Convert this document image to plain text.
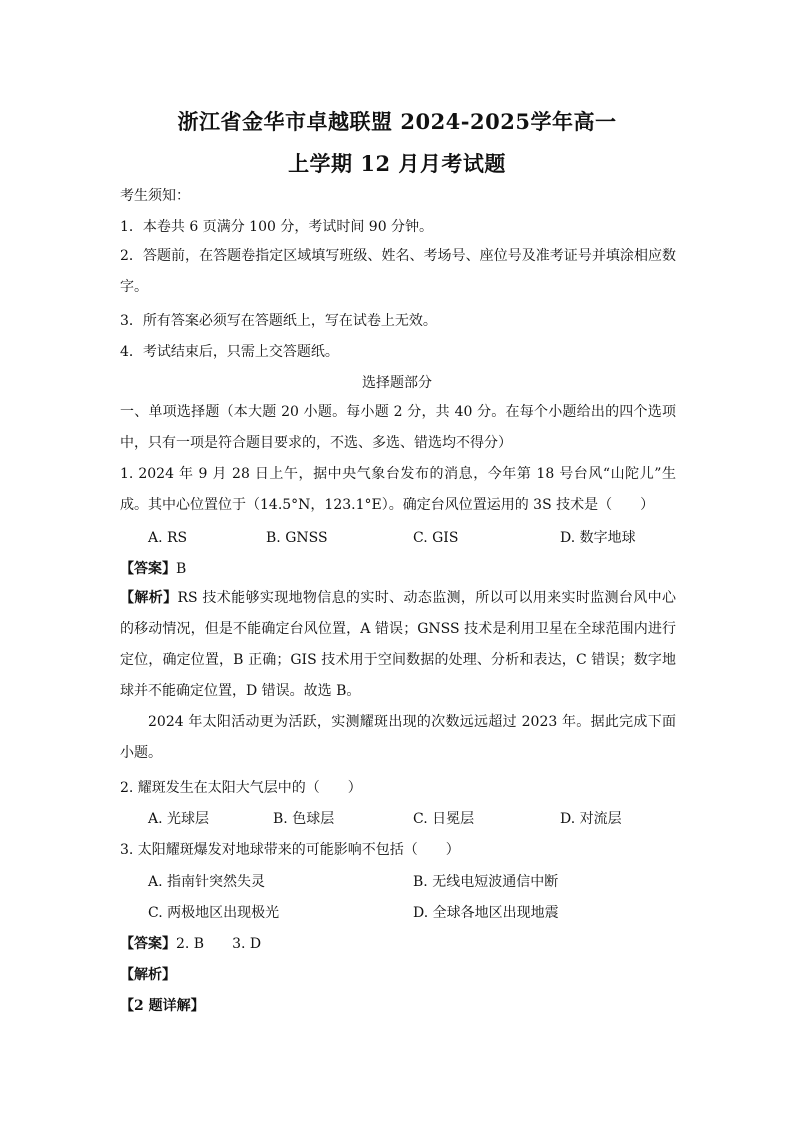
浙江省金华市卓越联盟 2024-2025学年高一
上学期 12 月月考试题
考生须知：
1．本卷共 6 页满分 100 分，考试时间 90 分钟。
2．答题前，在答题卷指定区域填写班级、姓名、考场号、座位号及准考证号并填涂相应数字。
3．所有答案必须写在答题纸上，写在试卷上无效。
4．考试结束后，只需上交答题纸。
选择题部分
一、单项选择题（本大题 20 小题。每小题 2 分，共 40 分。在每个小题给出的四个选项中，只有一项是符合题目要求的，不选、多选、错选均不得分）
1. 2024 年 9 月 28 日上午，据中央气象台发布的消息，今年第 18 号台风“山陀儿”生成。其中心位置位于（14.5°N，123.1°E）。确定台风位置运用的 3S 技术是（　　）
A. RS	B. GNSS	C. GIS	D. 数字地球
【答案】B
【解析】RS 技术能够实现地物信息的实时、动态监测，所以可以用来实时监测台风中心的移动情况，但是不能确定台风位置，A 错误；GNSS 技术是利用卫星在全球范围内进行定位，确定位置，B 正确；GIS 技术用于空间数据的处理、分析和表达，C 错误；数字地球并不能确定位置，D 错误。故选 B。
2024 年太阳活动更为活跃，实测耀斑出现的次数远远超过 2023 年。据此完成下面小题。
2. 耀斑发生在太阳大气层中的（　　）
A. 光球层	B. 色球层	C. 日冕层	D. 对流层
3. 太阳耀斑爆发对地球带来的可能影响不包括（　　）
A. 指南针突然失灵	B. 无线电短波通信中断
C. 两极地区出现极光	D. 全球各地区出现地震
【答案】2. B　　3. D
【解析】
【2 题详解】
